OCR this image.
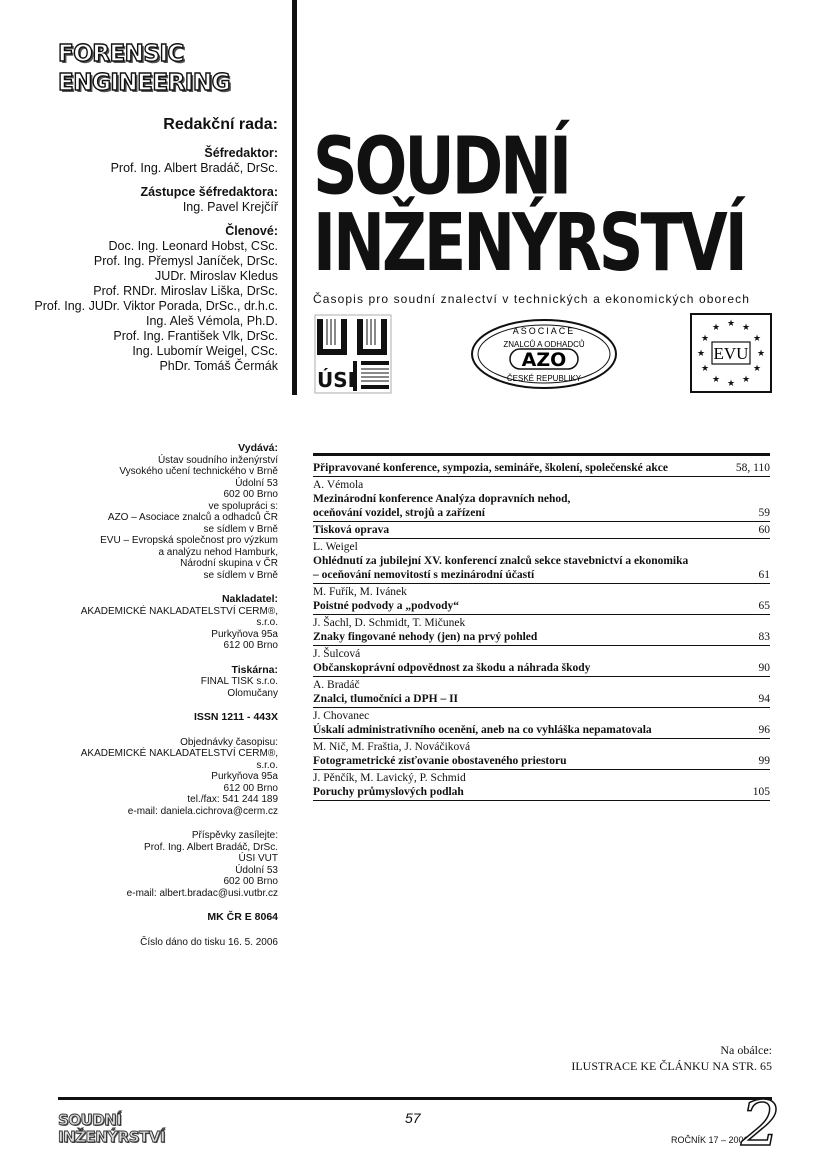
FORENSIC
ENGINEERING
Redakční rada:
Šéfredaktor:
Prof. Ing. Albert Bradáč, DrSc.
Zástupce šéfredaktora:
Ing. Pavel Krejčíř
Členové:
Doc. Ing. Leonard Hobst, CSc.
Prof. Ing. Přemysl Janíček, DrSc.
JUDr. Miroslav Kledus
Prof. RNDr. Miroslav Liška, DrSc.
Prof. Ing. JUDr. Viktor Porada, DrSc., dr.h.c.
Ing. Aleš Vémola, Ph.D.
Prof. Ing. František Vlk, DrSc.
Ing. Lubomír Weigel, CSc.
PhDr. Tomáš Čermák
SOUDNÍ
INŽENÝRSTVÍ
Časopis pro soudní znalectví v technických a ekonomických oborech
ÚSI
ASOCIACE
ZNALCŮ A ODHADCŮ
AZO
ČESKÉ REPUBLIKY
★
★
★
★
★
★
★
★
★ ★ ★
★
EVU
Vydává:
Ústav soudního inženýrství
Vysokého učení technického v Brně
Údolní 53
602 00 Brno
ve spolupráci s:
AZO – Asociace znalců a odhadců ČR
se sídlem v Brně
EVU – Evropská společnost pro výzkum
a analýzu nehod Hamburk,
Národní skupina v ČR
se sídlem v Brně
Nakladatel:
AKADEMICKÉ NAKLADATELSTVÍ CERM®, s.r.o.
Purkyňova 95a
612 00 Brno
Tiskárna:
FINAL TISK s.r.o.
Olomučany
ISSN 1211 - 443X
Objednávky časopisu:
AKADEMICKÉ NAKLADATELSTVÍ CERM®, s.r.o.
Purkyňova 95a
612 00 Brno
tel./fax: 541 244 189
e-mail: daniela.cichrova@cerm.cz
Příspěvky zasílejte:
Prof. Ing. Albert Bradáč, DrSc.
ÚSI VUT
Údolní 53
602 00 Brno
e-mail: albert.bradac@usi.vutbr.cz
MK ČR E 8064
Číslo dáno do tisku 16. 5. 2006
Připravované konference, sympozia, semináře, školení, společenské akce	58, 110
A. Vémola
Mezinárodní konference Analýza dopravních nehod,
oceňování vozidel, strojů a zařízení	59
Tisková oprava	60
L. Weigel
Ohlédnutí za jubilejní XV. konferencí znalců sekce stavebnictví a ekonomika
– oceňování nemovitostí s mezinárodní účastí	61
M. Fuřík, M. Ivánek
Poistné podvody a „podvody“	65
J. Šachl, D. Schmidt, T. Mičunek
Znaky fingované nehody (jen) na prvý pohled	83
J. Šulcová
Občanskoprávní odpovědnost za škodu a náhrada škody	90
A. Bradáč
Znalci, tlumočníci a DPH – II	94
J. Chovanec
Úskalí administrativního ocenění, aneb na co vyhláška nepamatovala	96
M. Nič, M. Fraštia, J. Nováčiková
Fotogrametrické zisťovanie obostaveného priestoru	99
J. Pěnčík, M. Lavický, P. Schmid
Poruchy průmyslových podlah	105
Na obálce:
ILUSTRACE KE ČLÁNKU NA STR. 65
SOUDNÍ
INŽENÝRSTVÍ
57
ROČNÍK 17 – 2006
2
